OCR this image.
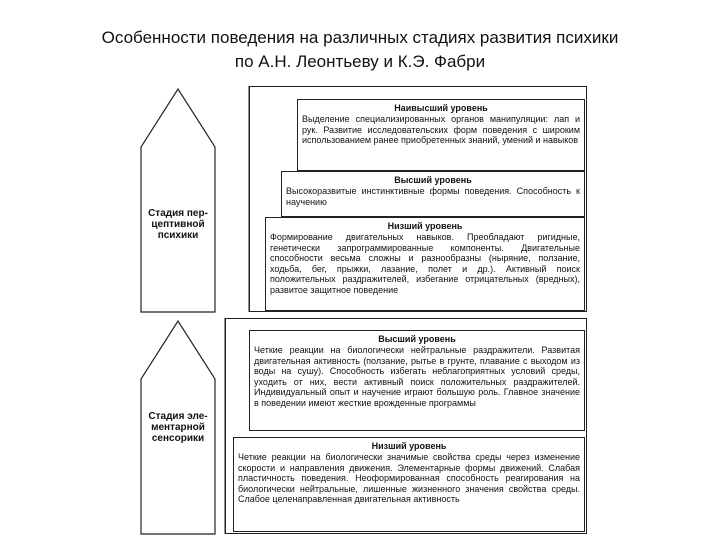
Особенности поведения на различных стадиях развития психики
по А.Н. Леонтьеву и К.Э. Фабри
Стадия пер-
цептивной
психики
Стадия эле-
ментарной
сенсорики
Наивысший уровень
Выделение специализированных органов манипуляции: лап и рук. Развитие исследовательских форм поведения с широким использованием ранее приобретенных знаний, умений и навыков
Высший уровень
Высокоразвитые инстинктивные формы поведения. Способность к научению
Низший уровень
Формирование двигательных навыков. Преобладают ригидные, генетически запрограммированные компоненты. Двигательные способности весьма сложны и разнообразны (ныряние, ползание, ходьба, бег, прыжки, лазание, полет и др.). Активный поиск положительных раздражителей, избегание отрицательных (вредных), развитое защитное поведение
Высший уровень
Четкие реакции на биологически нейтральные раздражители. Развитая двигательная активность (ползание, рытье в грунте, плавание с выходом из воды на сушу). Способность избегать неблагоприятных условий среды, уходить от них, вести активный поиск положительных раздражителей. Индивидуальный опыт и научение играют большую роль. Главное значение в поведении имеют жесткие врожденные программы
Низший уровень
Четкие реакции на биологически значимые свойства среды через изменение скорости и направления движения. Элементарные формы движений. Слабая пластичность поведения. Неоформированная способность реагирования на биологически нейтральные, лишенные жизненного значения свойства среды. Слабое целенаправленная двигательная активность
